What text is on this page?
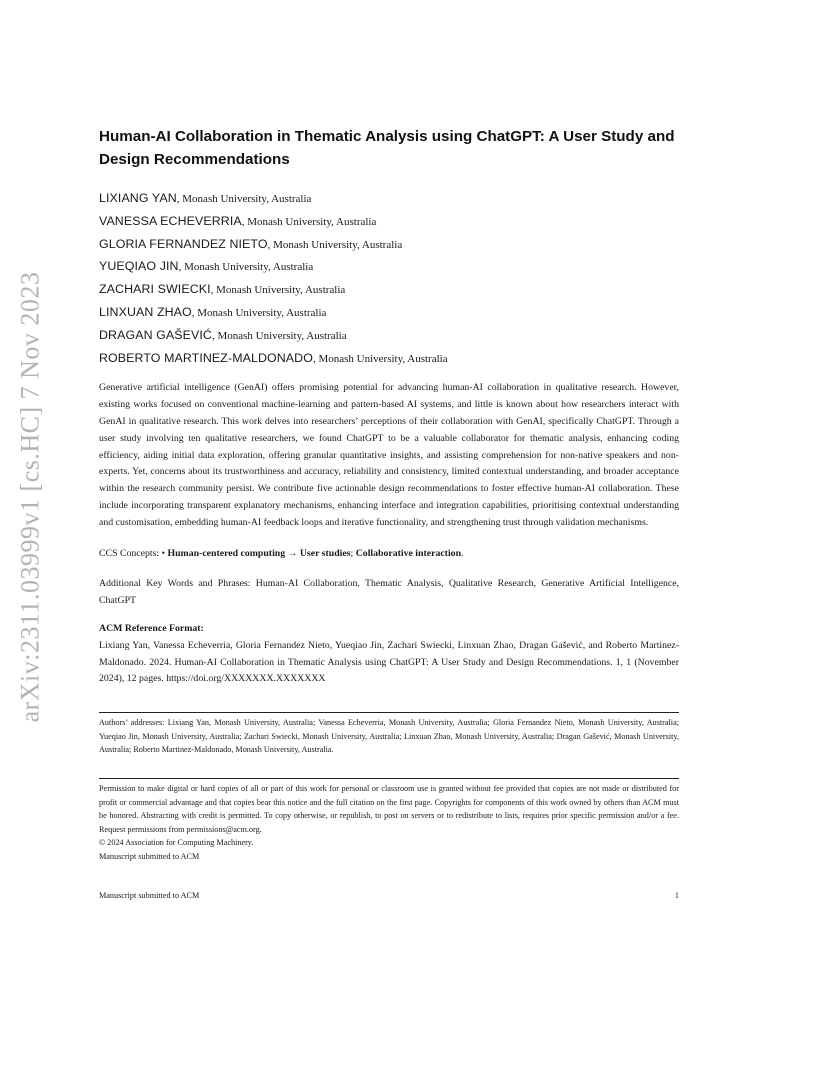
arXiv:2311.03999v1 [cs.HC] 7 Nov 2023
Human-AI Collaboration in Thematic Analysis using ChatGPT: A User Study and Design Recommendations
LIXIANG YAN, Monash University, Australia
VANESSA ECHEVERRIA, Monash University, Australia
GLORIA FERNANDEZ NIETO, Monash University, Australia
YUEQIAO JIN, Monash University, Australia
ZACHARI SWIECKI, Monash University, Australia
LINXUAN ZHAO, Monash University, Australia
DRAGAN GAŠEVIĆ, Monash University, Australia
ROBERTO MARTINEZ-MALDONADO, Monash University, Australia

Generative artificial intelligence (GenAI) offers promising potential for advancing human-AI collaboration in qualitative research. However, existing works focused on conventional machine-learning and pattern-based AI systems, and little is known about how researchers interact with GenAI in qualitative research. This work delves into researchers’ perceptions of their collaboration with GenAI, specifically ChatGPT. Through a user study involving ten qualitative researchers, we found ChatGPT to be a valuable collaborator for thematic analysis, enhancing coding efficiency, aiding initial data exploration, offering granular quantitative insights, and assisting comprehension for non-native speakers and non-experts. Yet, concerns about its trustworthiness and accuracy, reliability and consistency, limited contextual understanding, and broader acceptance within the research community persist. We contribute five actionable design recommendations to foster effective human-AI collaboration. These include incorporating transparent explanatory mechanisms, enhancing interface and integration capabilities, prioritising contextual understanding and customisation, embedding human-AI feedback loops and iterative functionality, and strengthening trust through validation mechanisms.

CCS Concepts: • Human-centered computing → User studies; Collaborative interaction.

Additional Key Words and Phrases: Human-AI Collaboration, Thematic Analysis, Qualitative Research, Generative Artificial Intelligence, ChatGPT

ACM Reference Format:

Lixiang Yan, Vanessa Echeverria, Gloria Fernandez Nieto, Yueqiao Jin, Zachari Swiecki, Linxuan Zhao, Dragan Gašević, and Roberto Martinez-Maldonado. 2024. Human-AI Collaboration in Thematic Analysis using ChatGPT: A User Study and Design Recommendations. 1, 1 (November 2024), 12 pages. https://doi.org/XXXXXXX.XXXXXXX

Authors’ addresses: Lixiang Yan, Monash University, Australia; Vanessa Echeverria, Monash University, Australia; Gloria Fernandez Nieto, Monash University, Australia; Yueqiao Jin, Monash University, Australia; Zachari Swiecki, Monash University, Australia; Linxuan Zhao, Monash University, Australia; Dragan Gašević, Monash University, Australia; Roberto Martinez-Maldonado, Monash University, Australia.

Permission to make digital or hard copies of all or part of this work for personal or classroom use is granted without fee provided that copies are not made or distributed for profit or commercial advantage and that copies bear this notice and the full citation on the first page. Copyrights for components of this work owned by others than ACM must be honored. Abstracting with credit is permitted. To copy otherwise, or republish, to post on servers or to redistribute to lists, requires prior specific permission and/or a fee. Request permissions from permissions@acm.org.

© 2024 Association for Computing Machinery.

Manuscript submitted to ACM

Manuscript submitted to ACM	1
